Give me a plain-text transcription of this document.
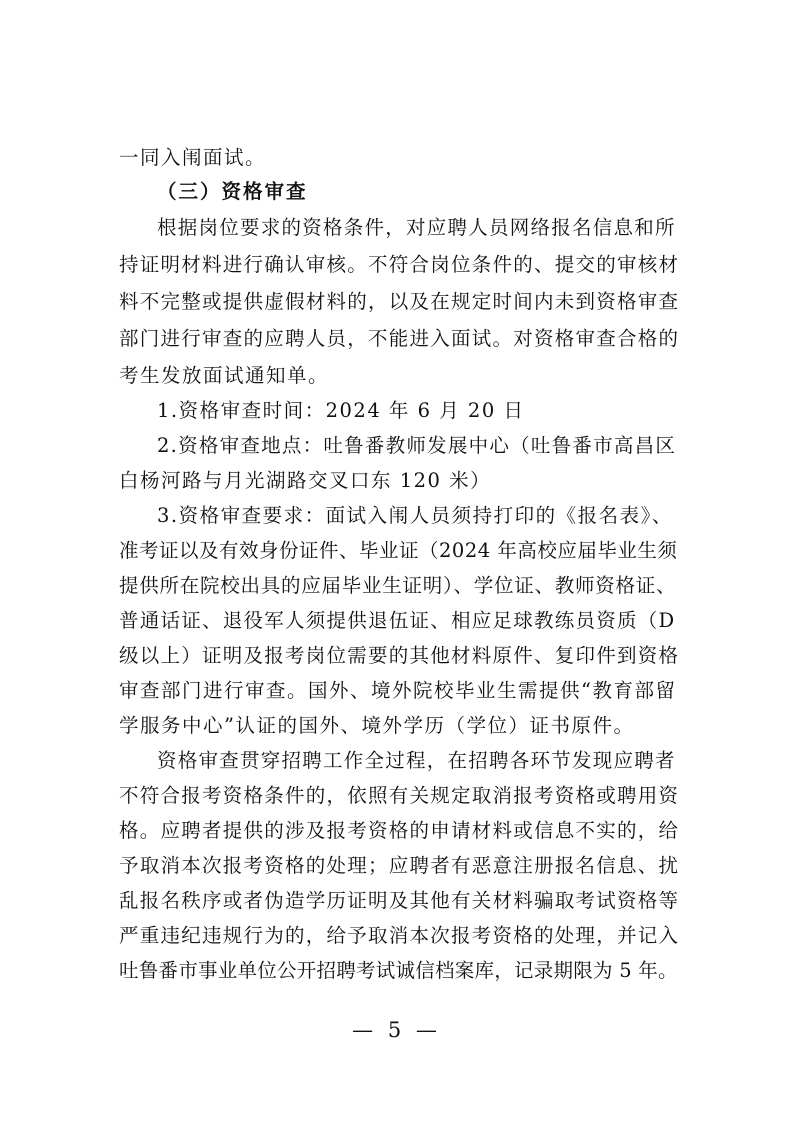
一同入闱面试。
（三）资格审查
根据岗位要求的资格条件，对应聘人员网络报名信息和所
持证明材料进行确认审核。不符合岗位条件的、提交的审核材
料不完整或提供虚假材料的，以及在规定时间内未到资格审查
部门进行审查的应聘人员，不能进入面试。对资格审查合格的
考生发放面试通知单。
1.资格审查时间：2024 年 6 月 20 日
2.资格审查地点：吐鲁番教师发展中心（吐鲁番市高昌区
白杨河路与月光湖路交叉口东 120 米）
3.资格审查要求：面试入闱人员须持打印的《报名表》、
准考证以及有效身份证件、毕业证（2024 年高校应届毕业生须
提供所在院校出具的应届毕业生证明）、学位证、教师资格证、
普通话证、退役军人须提供退伍证、相应足球教练员资质（D
级以上）证明及报考岗位需要的其他材料原件、复印件到资格
审查部门进行审查。国外、境外院校毕业生需提供“教育部留
学服务中心”认证的国外、境外学历（学位）证书原件。
资格审查贯穿招聘工作全过程，在招聘各环节发现应聘者
不符合报考资格条件的，依照有关规定取消报考资格或聘用资
格。应聘者提供的涉及报考资格的申请材料或信息不实的，给
予取消本次报考资格的处理；应聘者有恶意注册报名信息、扰
乱报名秩序或者伪造学历证明及其他有关材料骗取考试资格等
严重违纪违规行为的，给予取消本次报考资格的处理，并记入
吐鲁番市事业单位公开招聘考试诚信档案库，记录期限为 5 年。
— 5 —
